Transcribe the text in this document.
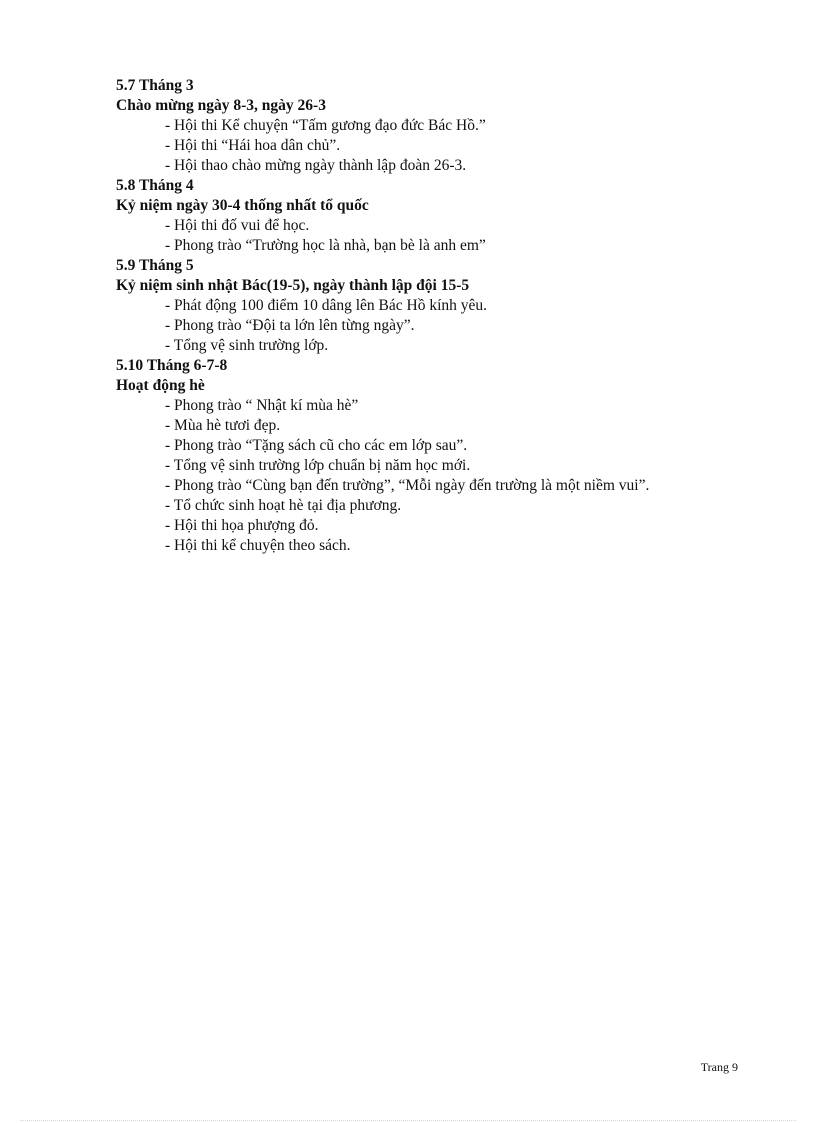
5.7 Tháng 3
Chào mừng ngày 8-3, ngày 26-3
- Hội thi Kể chuyện “Tấm gương đạo đức Bác Hồ.”
- Hội thi “Hái hoa dân chủ”.
- Hội thao chào mừng ngày thành lập đoàn 26-3.
5.8 Tháng 4
Kỷ niệm ngày 30-4 thống nhất tổ quốc
- Hội thi đố vui để học.
- Phong trào “Trường học là nhà, bạn bè là anh em”
5.9 Tháng 5
Kỷ niệm sinh nhật Bác(19-5), ngày thành lập đội 15-5
- Phát động 100 điểm 10 dâng lên Bác Hồ kính yêu.
- Phong trào “Đội ta lớn lên từng ngày”.
- Tổng vệ sinh trường lớp.
5.10 Tháng 6-7-8
Hoạt động hè
- Phong trào “ Nhật kí mùa hè”
- Mùa hè tươi đẹp.
- Phong trào “Tặng sách cũ cho các em lớp sau”.
- Tổng vệ sinh trường lớp chuẩn bị năm học mới.
- Phong trào “Cùng bạn đến trường”, “Mỗi ngày đến trường là một niềm vui”.
- Tổ chức sinh hoạt hè tại địa phương.
- Hội thi họa phượng đỏ.
- Hội thi kể chuyện theo sách.
Trang 9
